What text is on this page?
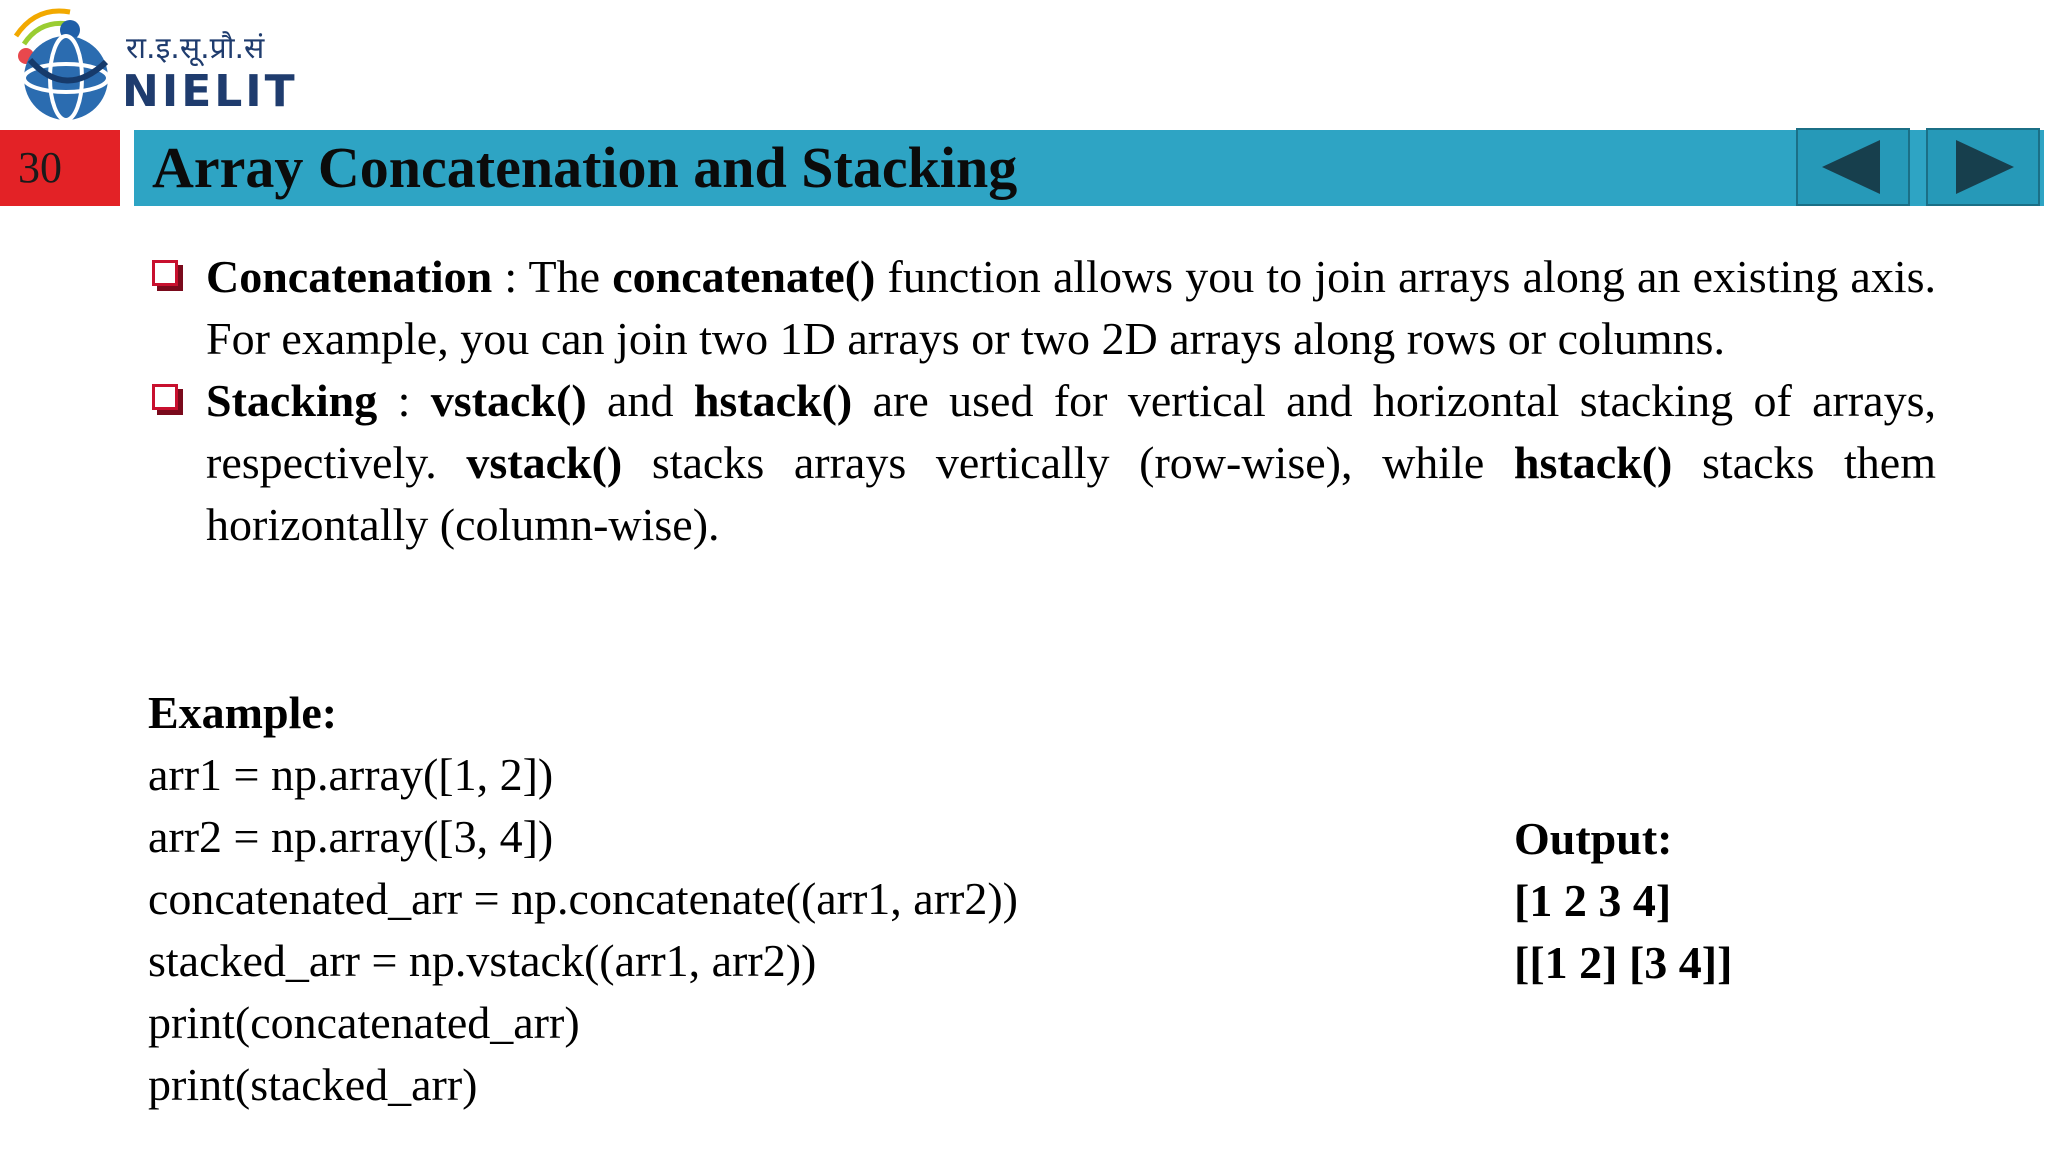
रा.इ.सू.प्रौ.सं
NIELIT
30	Array Concatenation and Stacking
Concatenation : The concatenate() function allows you to join arrays along an existing axis. For example, you can join two 1D arrays or two 2D arrays along rows or columns.
Stacking : vstack() and hstack() are used for vertical and horizontal stacking of arrays, respectively. vstack() stacks arrays vertically (row-wise), while hstack() stacks them horizontally (column-wise).
Example:
arr1 = np.array([1, 2])
arr2 = np.array([3, 4])
concatenated_arr = np.concatenate((arr1, arr2))
stacked_arr = np.vstack((arr1, arr2))
print(concatenated_arr)
print(stacked_arr)
Output:
[1 2 3 4]
[[1 2] [3 4]]
